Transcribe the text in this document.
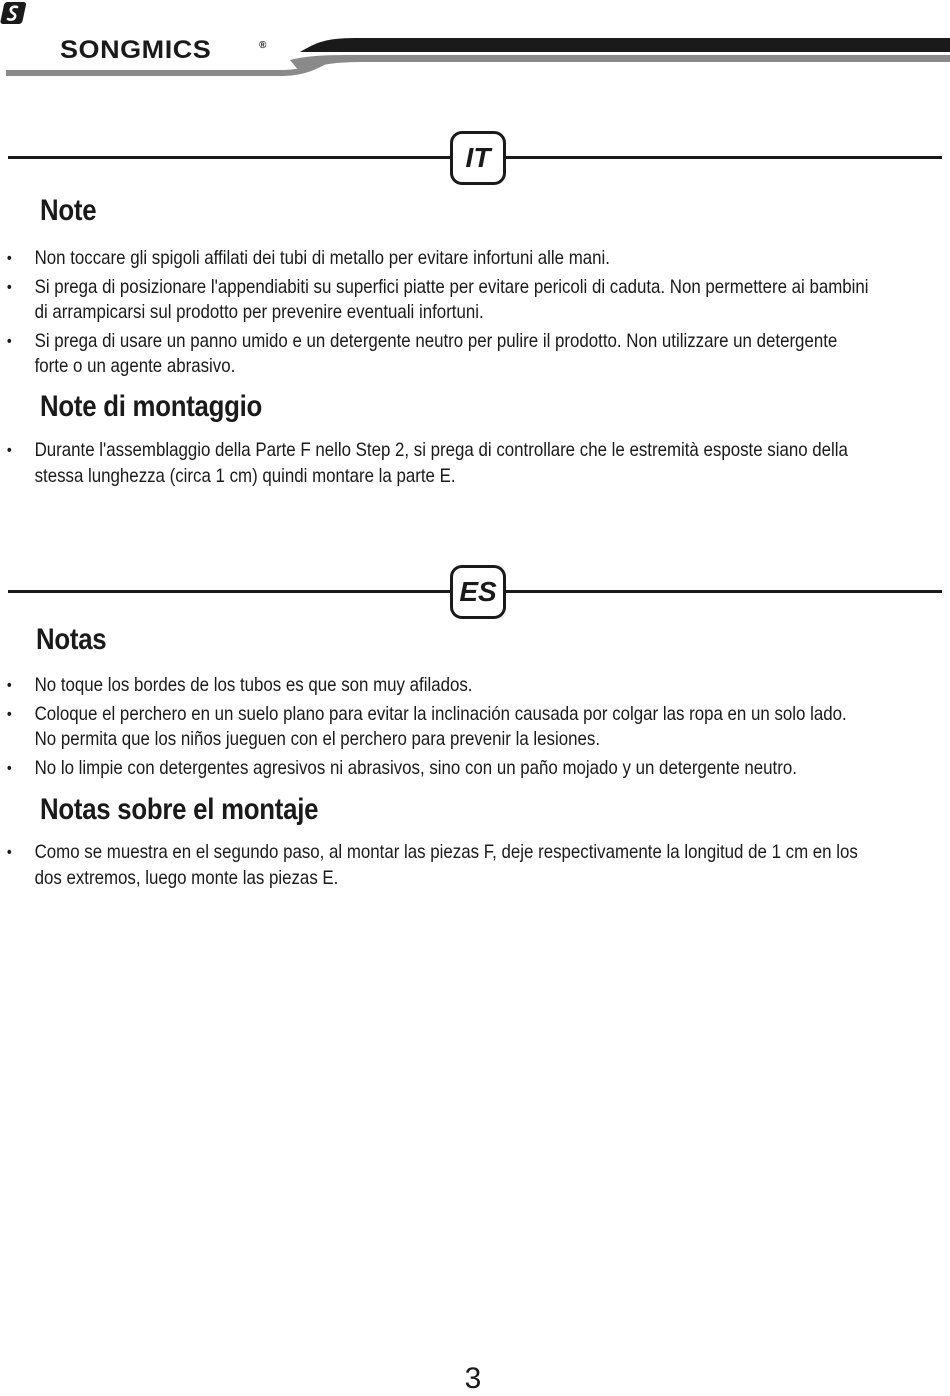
SONGMICS	®
IT
Note
• Non toccare gli spigoli affilati dei tubi di metallo per evitare infortuni alle mani.
• Si prega di posizionare l'appendiabiti su superfici piatte per evitare pericoli di caduta. Non permettere ai bambini
di arrampicarsi sul prodotto per prevenire eventuali infortuni.
• Si prega di usare un panno umido e un detergente neutro per pulire il prodotto. Non utilizzare un detergente
forte o un agente abrasivo.
Note di montaggio
• Durante l'assemblaggio della Parte F nello Step 2, si prega di controllare che le estremità esposte siano della
stessa lunghezza (circa 1 cm) quindi montare la parte E.
ES
Notas
• No toque los bordes de los tubos es que son muy afilados.
• Coloque el perchero en un suelo plano para evitar la inclinación causada por colgar las ropa en un solo lado.
No permita que los niños jueguen con el perchero para prevenir la lesiones.
• No lo limpie con detergentes agresivos ni abrasivos, sino con un paño mojado y un detergente neutro.
Notas sobre el montaje
• Como se muestra en el segundo paso, al montar las piezas F, deje respectivamente la longitud de 1 cm en los
dos extremos, luego monte las piezas E.
3
